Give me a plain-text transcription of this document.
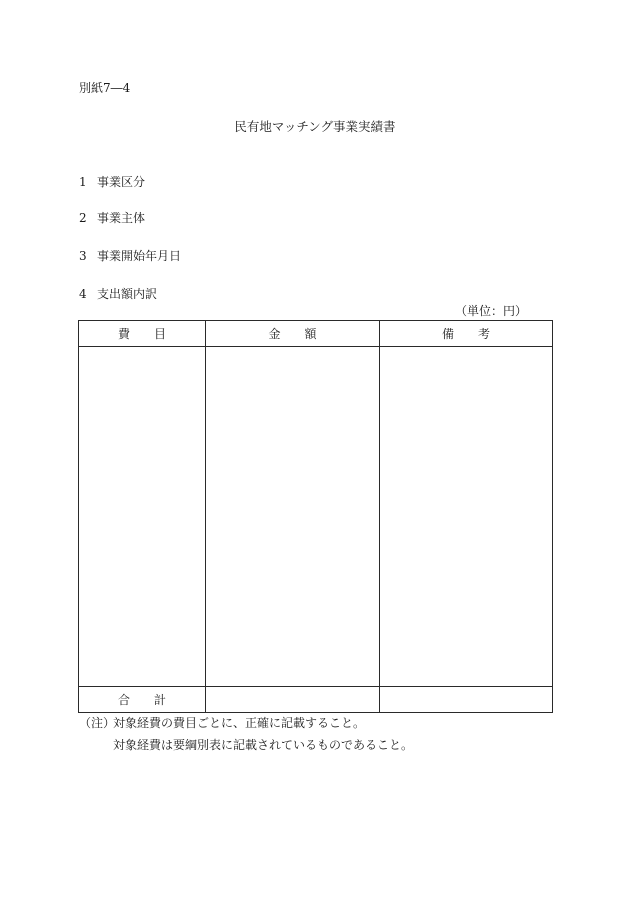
別紙7―4
民有地マッチング事業実績書
1 事業区分
2 事業主体
3 事業開始年月日
4 支出額内訳
（単位：円）
費　　目	金　　額	備　　考

合　　計		
（注）
対象経費の費目ごとに、正確に記載すること。
対象経費は要綱別表に記載されているものであること。
